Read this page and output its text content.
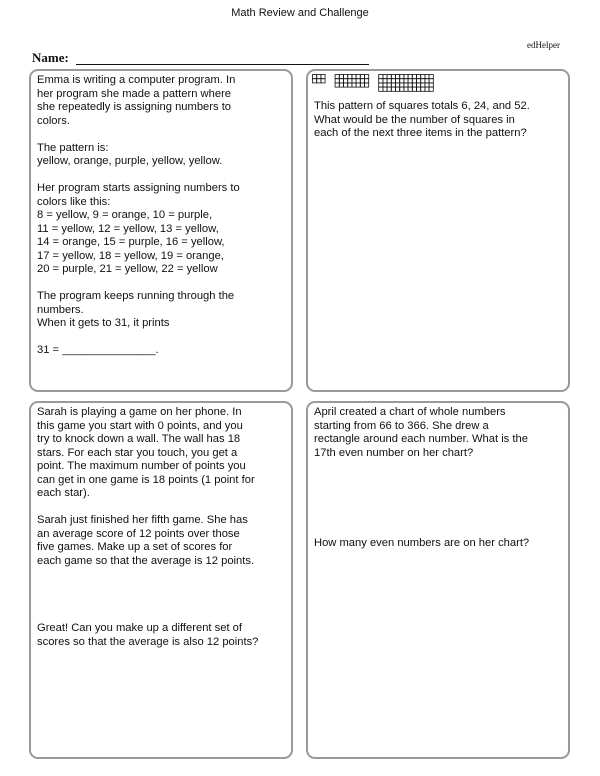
Math Review and Challenge
edHelper
Name:

Emma is writing a computer program. In

her program she made a pattern where

she repeatedly is assigning numbers to

colors.

The pattern is:

yellow, orange, purple, yellow, yellow.

Her program starts assigning numbers to

colors like this:

8 = yellow, 9 = orange, 10 = purple,

11 = yellow, 12 = yellow, 13 = yellow,

14 = orange, 15 = purple, 16 = yellow,

17 = yellow, 18 = yellow, 19 = orange,

20 = purple, 21 = yellow, 22 = yellow

The program keeps running through the

numbers.

When it gets to 31, it prints

31 = _______________.

This pattern of squares totals 6, 24, and 52.

What would be the number of squares in

each of the next three items in the pattern?

Sarah is playing a game on her phone. In

this game you start with 0 points, and you

try to knock down a wall. The wall has 18

stars. For each star you touch, you get a

point. The maximum number of points you

can get in one game is 18 points (1 point for

each star).

Sarah just finished her fifth game. She has

an average score of 12 points over those

five games. Make up a set of scores for

each game so that the average is 12 points.

Great! Can you make up a different set of

scores so that the average is also 12 points?

April created a chart of whole numbers

starting from 66 to 366. She drew a

rectangle around each number. What is the

17th even number on her chart?

How many even numbers are on her chart?
